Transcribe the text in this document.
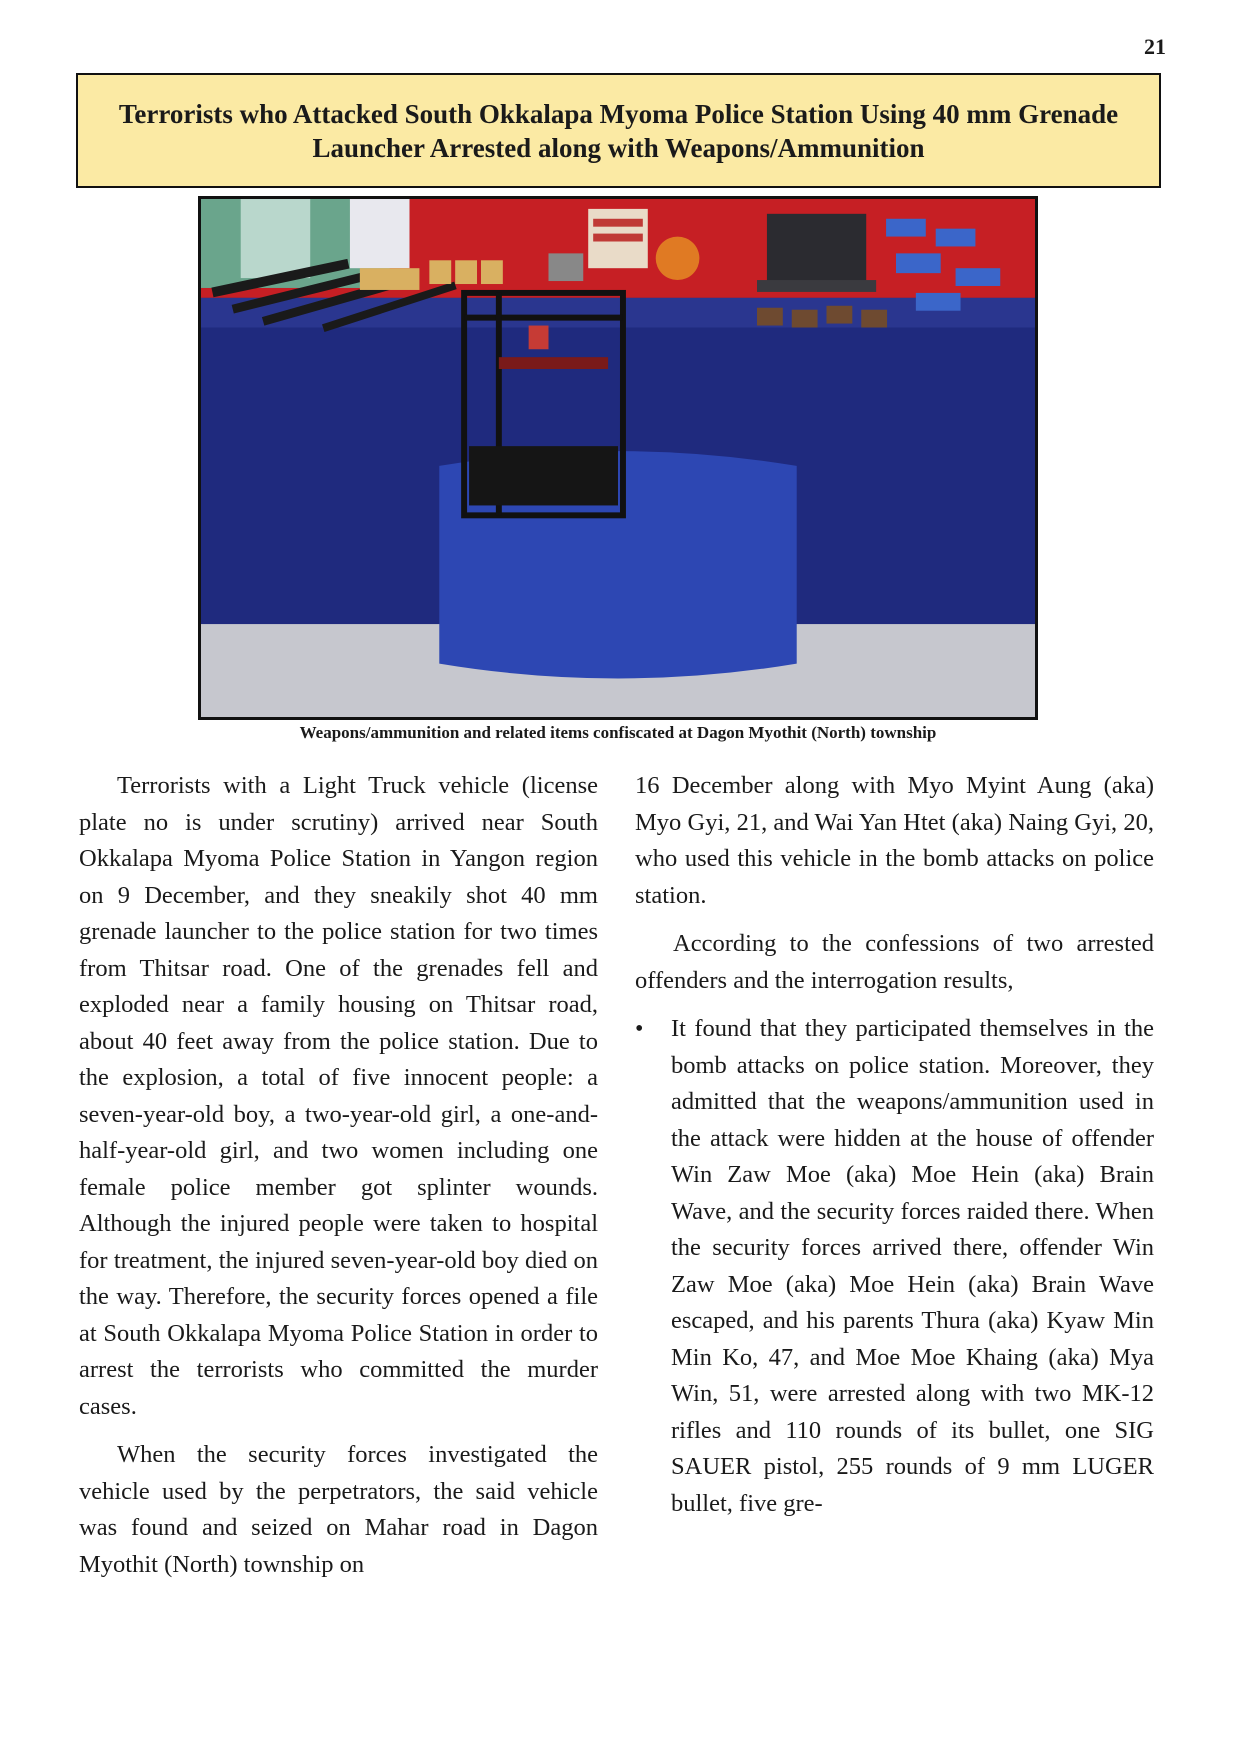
21
Terrorists who Attacked South Okkalapa Myoma Police Station Using 40 mm Grenade Launcher Arrested along with Weapons/Ammunition

Weapons/ammunition and related items confiscated at Dagon Myothit (North) township

Terrorists with a Light Truck vehicle (license plate no is under scrutiny) arrived near South Okkalapa Myoma Police Station in Yangon region on 9 December, and they sneakily shot 40 mm grenade launcher to the police station for two times from Thitsar road. One of the grenades fell and exploded near a family housing on Thitsar road, about 40 feet away from the police station. Due to the explosion, a total of five innocent people: a seven-year-old boy, a two-year-old girl, a one-and-half-year-old girl, and two women including one female police member got splinter wounds. Although the injured people were taken to hospital for treatment, the injured seven-year-old boy died on the way. Therefore, the security forces opened a file at South Okkalapa Myoma Police Station in order to arrest the terrorists who committed the murder cases.

When the security forces investigated the vehicle used by the perpetrators, the said vehicle was found and seized on Mahar road in Dagon Myothit (North) township on

16 December along with Myo Myint Aung (aka) Myo Gyi, 21, and Wai Yan Htet (aka) Naing Gyi, 20, who used this vehicle in the bomb attacks on police station.

According to the confessions of two arrested offenders and the interrogation results,

• It found that they participated themselves in the bomb attacks on police station. Moreover, they admitted that the weapons/ammunition used in the attack were hidden at the house of offender Win Zaw Moe (aka) Moe Hein (aka) Brain Wave, and the security forces raided there. When the security forces arrived there, offender Win Zaw Moe (aka) Moe Hein (aka) Brain Wave escaped, and his parents Thura (aka) Kyaw Min Min Ko, 47, and Moe Moe Khaing (aka) Mya Win, 51, were arrested along with two MK-12 rifles and 110 rounds of its bullet, one SIG SAUER pistol, 255 rounds of 9 mm LUGER bullet, five gre-
